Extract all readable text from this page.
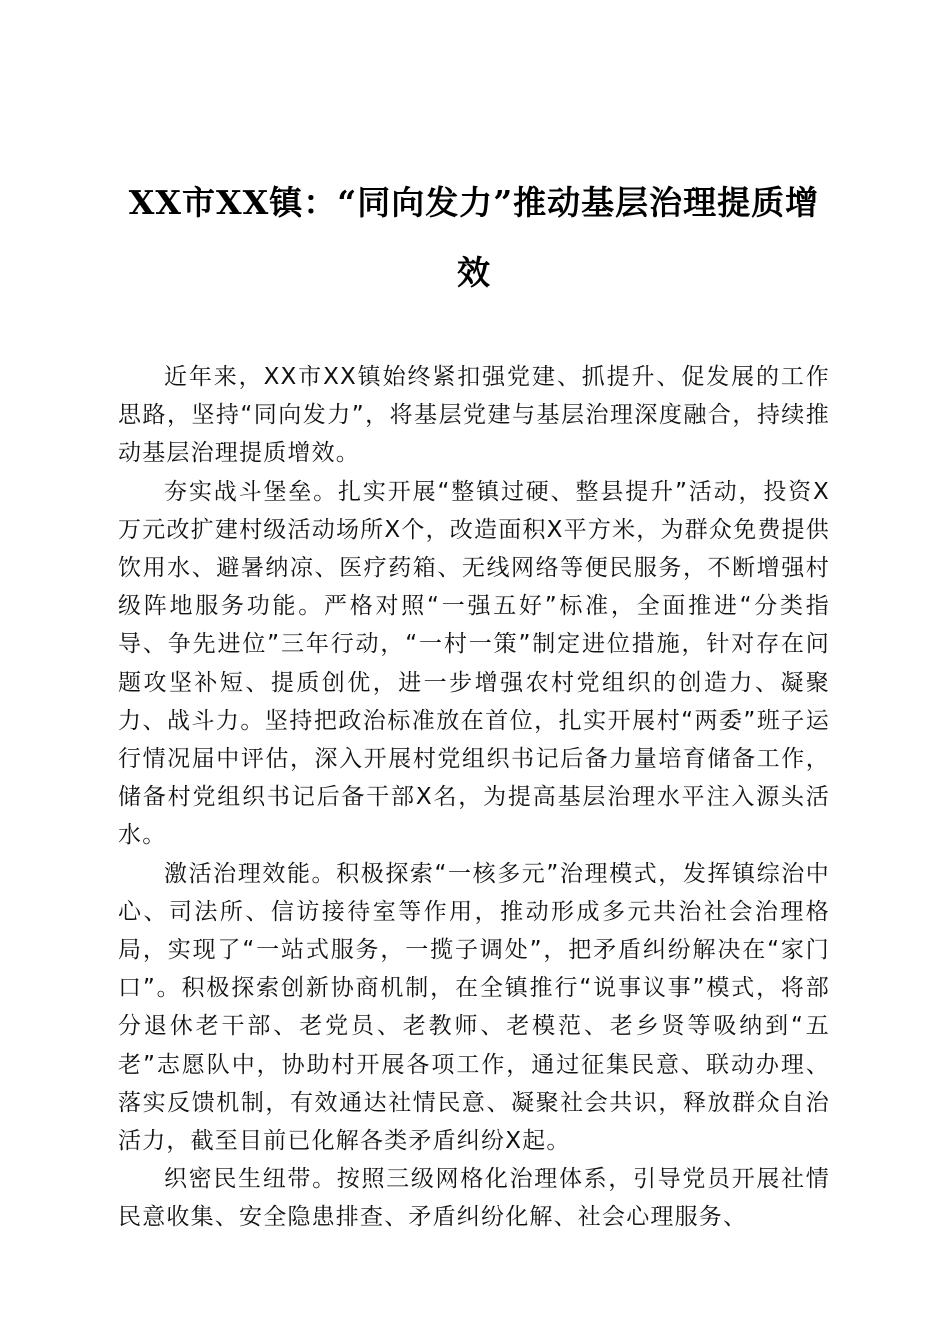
XX市XX镇：“同向发力”推动基层治理提质增效

近年来，XX市XX镇始终紧扣强党建、抓提升、促发展的工作思路，坚持“同向发力”，将基层党建与基层治理深度融合，持续推动基层治理提质增效。

夯实战斗堡垒。扎实开展“整镇过硬、整县提升”活动，投资X万元改扩建村级活动场所X个，改造面积X平方米，为群众免费提供饮用水、避暑纳凉、医疗药箱、无线网络等便民服务，不断增强村级阵地服务功能。严格对照“一强五好”标准，全面推进“分类指导、争先进位”三年行动，“一村一策”制定进位措施，针对存在问题攻坚补短、提质创优，进一步增强农村党组织的创造力、凝聚力、战斗力。坚持把政治标准放在首位，扎实开展村“两委”班子运行情况届中评估，深入开展村党组织书记后备力量培育储备工作，储备村党组织书记后备干部X名，为提高基层治理水平注入源头活水。

激活治理效能。积极探索“一核多元”治理模式，发挥镇综治中心、司法所、信访接待室等作用，推动形成多元共治社会治理格局，实现了“一站式服务，一揽子调处”，把矛盾纠纷解决在“家门口”。积极探索创新协商机制，在全镇推行“说事议事”模式，将部分退休老干部、老党员、老教师、老模范、老乡贤等吸纳到“五老”志愿队中，协助村开展各项工作，通过征集民意、联动办理、落实反馈机制，有效通达社情民意、凝聚社会共识，释放群众自治活力，截至目前已化解各类矛盾纠纷X起。

织密民生纽带。按照三级网格化治理体系，引导党员开展社情民意收集、安全隐患排查、矛盾纠纷化解、社会心理服务、
